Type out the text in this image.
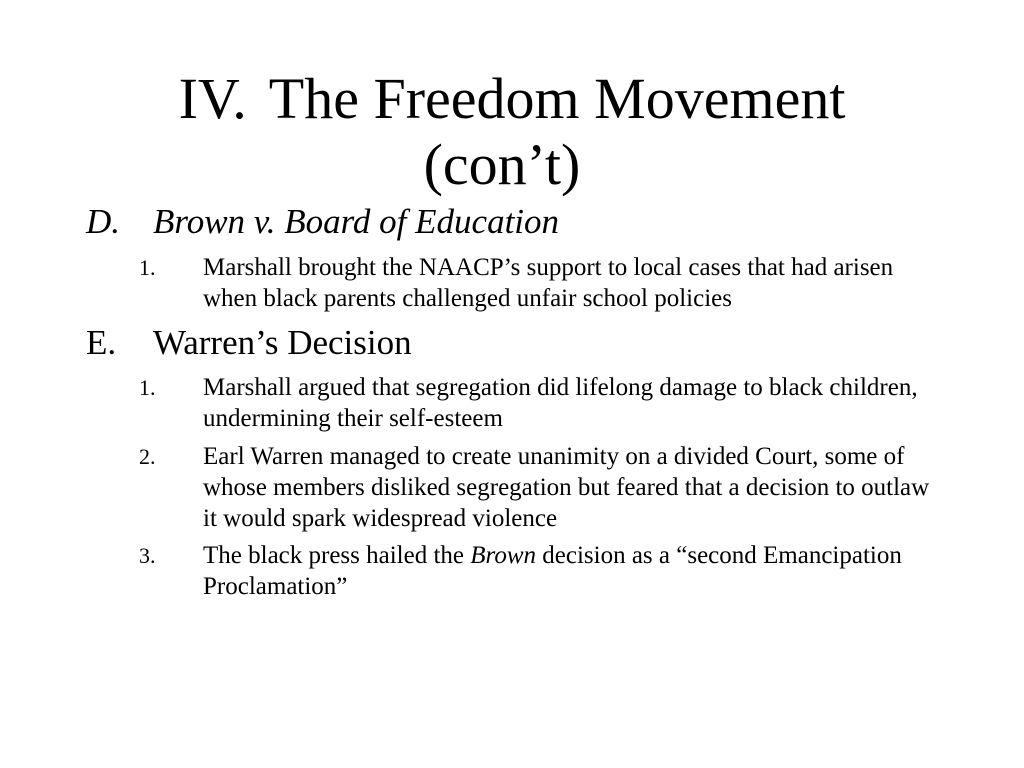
IV. The Freedom Movement
(con’t)
D. Brown v. Board of Education
1. Marshall brought the NAACP’s support to local cases that had arisen when black parents challenged unfair school policies
E. Warren’s Decision
1. Marshall argued that segregation did lifelong damage to black children, undermining their self-esteem
2. Earl Warren managed to create unanimity on a divided Court, some of whose members disliked segregation but feared that a decision to outlaw it would spark widespread violence
3. The black press hailed the Brown decision as a “second Emancipation Proclamation”
